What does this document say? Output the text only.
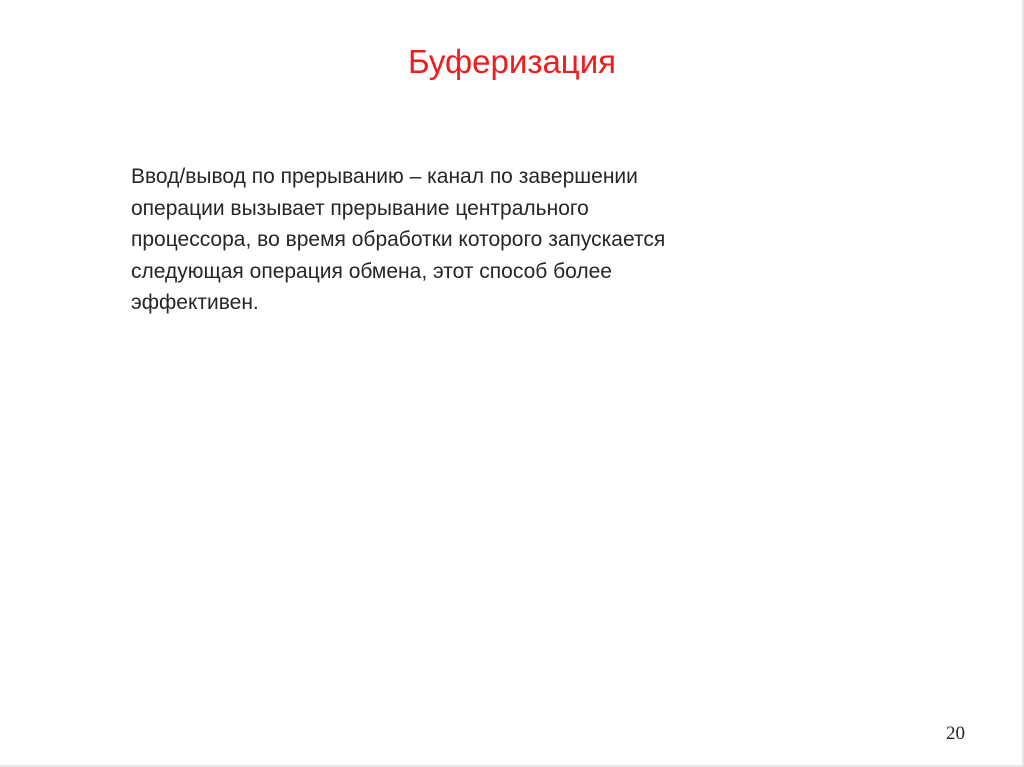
Буферизация

Ввод/вывод по прерыванию – канал по завершении
операции вызывает прерывание центрального
процессора, во время обработки которого запускается
следующая операция обмена, этот способ более
эффективен.

20
